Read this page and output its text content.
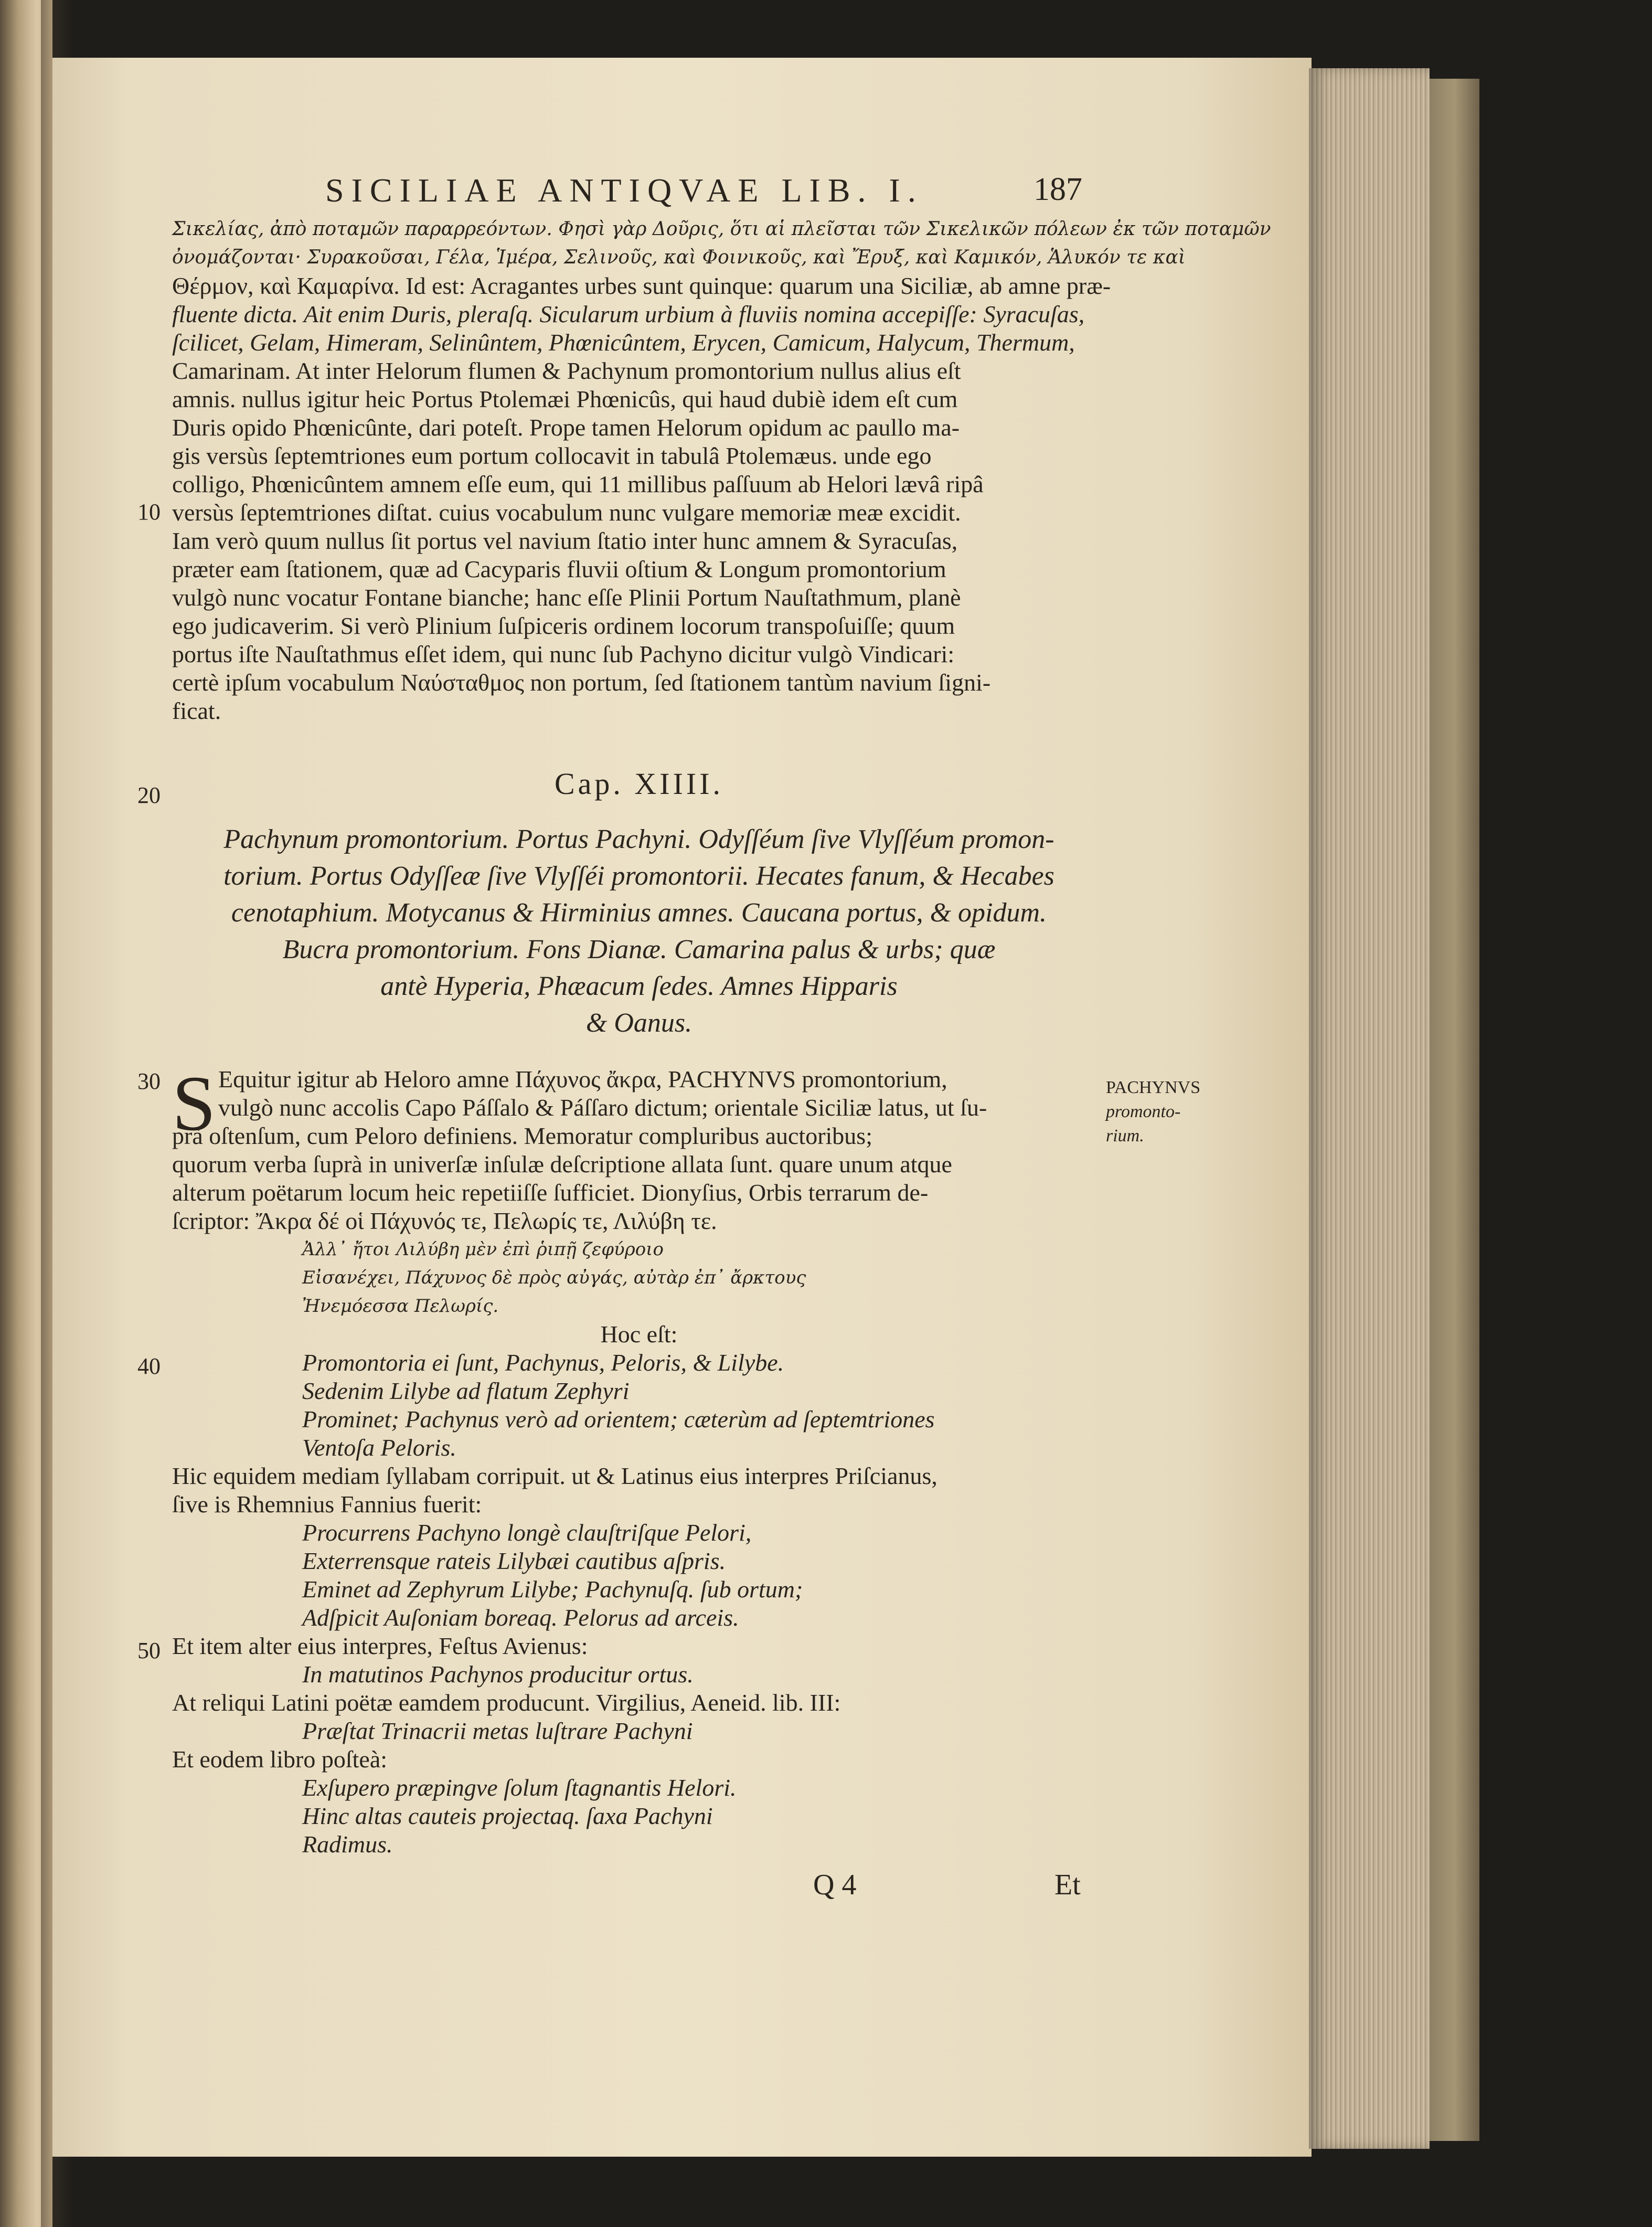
SICILIAE ANTIQVAE LIB. I.	187
Σικελίας, ἀπὸ ποταμῶν παραρρεόντων. Φησὶ γὰρ Δοῦρις, ὅτι αἱ πλεῖσται τῶν Σικελικῶν πόλεων ἐκ τῶν ποταμῶν
ὀνομάζονται· Συρακοῦσαι, Γέλα, Ἱμέρα, Σελινοῦς, καὶ Φοινικοῦς, καὶ Ἔρυξ, καὶ Καμικόν, Ἁλυκόν τε καὶ
Θέρμον, καὶ Καμαρίνα. Id est: Acragantes urbes sunt quinque: quarum una Siciliæ, ab amne præ-
fluente dicta. Ait enim Duris, pleraſq. Sicularum urbium à fluviis nomina accepiſſe: Syracuſas,
ſcilicet, Gelam, Himeram, Selinûntem, Phœnicûntem, Erycen, Camicum, Halycum, Thermum,
Camarinam. At inter Helorum flumen & Pachynum promontorium nullus alius eſt
amnis. nullus igitur heic Portus Ptolemæi Phœnicûs, qui haud dubiè idem eſt cum
Duris opido Phœnicûnte, dari poteſt. Prope tamen Helorum opidum ac paullo ma-
gis versùs ſeptemtriones eum portum collocavit in tabulâ Ptolemæus. unde ego
colligo, Phœnicûntem amnem eſſe eum, qui 11 millibus paſſuum ab Helori lævâ ripâ
versùs ſeptemtriones diſtat. cuius vocabulum nunc vulgare memoriæ meæ excidit.
Iam verò quum nullus ſit portus vel navium ſtatio inter hunc amnem & Syracuſas,
præter eam ſtationem, quæ ad Cacyparis fluvii oſtium & Longum promontorium
vulgò nunc vocatur Fontane bianche; hanc eſſe Plinii Portum Nauſtathmum, planè
ego judicaverim. Si verò Plinium ſuſpiceris ordinem locorum transpoſuiſſe; quum
portus iſte Nauſtathmus eſſet idem, qui nunc ſub Pachyno dicitur vulgò Vindicari:
certè ipſum vocabulum Ναύσταθμος non portum, ſed ſtationem tantùm navium ſigni-
ficat.
10
20
30
40
50
Cap. XIIII.
Pachynum promontorium. Portus Pachyni. Odyſſéum ſive Vlyſſéum promon-
torium. Portus Odyſſeæ ſive Vlyſſéi promontorii. Hecates fanum, & Hecabes
cenotaphium. Motycanus & Hirminius amnes. Caucana portus, & opidum.
Bucra promontorium. Fons Dianæ. Camarina palus & urbs; quæ
antè Hyperia, Phæacum ſedes. Amnes Hipparis
& Oanus.
S Equitur igitur ab Heloro amne Πάχυνος ἄκρα, PACHYNVS promontorium,
vulgò nunc accolis Capo Páſſalo & Páſſaro dictum; orientale Siciliæ latus, ut ſu-
prà oſtenſum, cum Peloro definiens. Memoratur compluribus auctoribus;
quorum verba ſuprà in univerſæ inſulæ deſcriptione allata ſunt. quare unum atque
alterum poëtarum locum heic repetiiſſe ſufficiet. Dionyſius, Orbis terrarum de-
ſcriptor: Ἄκρα δέ οἱ Πάχυνός τε, Πελωρίς τε, Λιλύβη τε.
Ἀλλ᾽ ἤτοι Λιλύβη μὲν ἐπὶ ῥιπῇ ζεφύροιο
Εἰσανέχει, Πάχυνος δὲ πρὸς αὐγάς, αὐτὰρ ἐπ᾽ ἄρκτους
Ἠνεμόεσσα Πελωρίς.
Hoc eſt:
Promontoria ei ſunt, Pachynus, Peloris, & Lilybe.
Sedenim Lilybe ad flatum Zephyri
Prominet; Pachynus verò ad orientem; cæterùm ad ſeptemtriones
Ventoſa Peloris.
Hic equidem mediam ſyllabam corripuit. ut & Latinus eius interpres Priſcianus,
ſive is Rhemnius Fannius fuerit:
Procurrens Pachyno longè clauſtriſque Pelori,
Exterrensque rateis Lilybæi cautibus aſpris.
Eminet ad Zephyrum Lilybe; Pachynuſq. ſub ortum;
Adſpicit Auſoniam boreaq. Pelorus ad arceis.
Et item alter eius interpres, Feſtus Avienus:
In matutinos Pachynos producitur ortus.
At reliqui Latini poëtæ eamdem producunt. Virgilius, Aeneid. lib. III:
Præſtat Trinacrii metas luſtrare Pachyni
Et eodem libro poſteà:
Exſupero præpingve ſolum ſtagnantis Helori.
Hinc altas cauteis projectaq. ſaxa Pachyni
Radimus.
PACHYNVS
promonto-
rium.
Q 4	Et
